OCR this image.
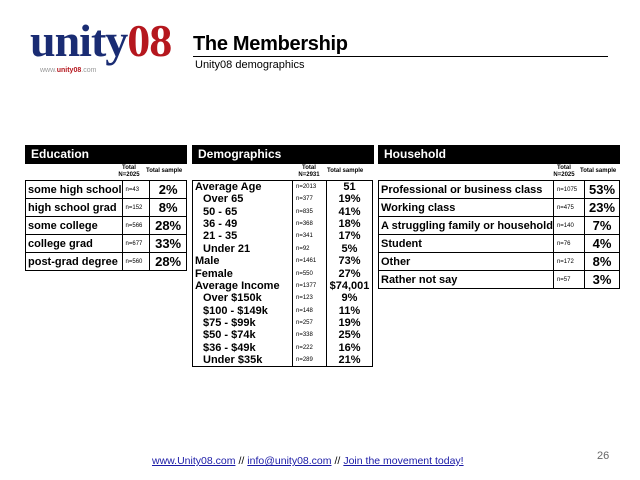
unity08
www.unity08.com
The Membership
Unity08 demographics
Education
Total
N=2025
Total sample
some high school	n=43	2%
high school grad	n=152	8%
some college	n=566	28%
college grad	n=677	33%
post-grad degree	n=560	28%
Demographics
Total
N=2931
Total sample
Average Age	n=2013	51
Over 65	n=377	19%
50 - 65	n=835	41%
36 - 49	n=368	18%
21 - 35	n=341	17%
Under 21	n=92	5%
Male	n=1461	73%
Female	n=550	27%
Average Income	n=1377	$74,001
Over $150k	n=123	9%
$100 - $149k	n=148	11%
$75 - $99k	n=257	19%
$50 - $74k	n=338	25%
$36 - $49k	n=222	16%
Under $35k	n=289	21%
Household
Total
N=2025
Total sample
Professional or business class	n=1075	53%
Working class	n=475	23%
A struggling family or household	n=140	7%
Student	n=76	4%
Other	n=172	8%
Rather not say	n=57	3%
www.Unity08.com // info@unity08.com // Join the movement today!	26
